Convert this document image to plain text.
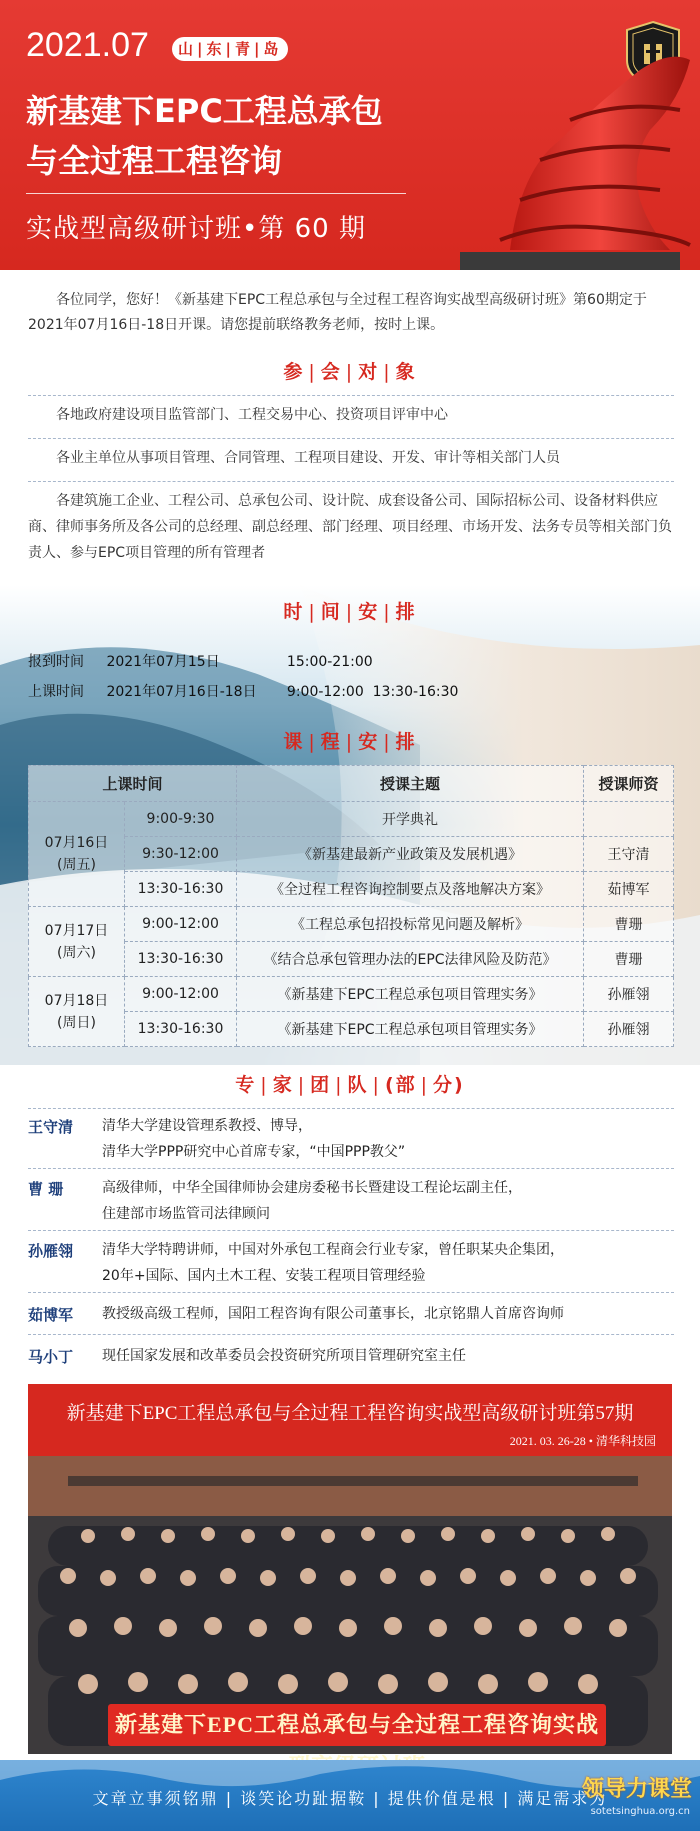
2021.07	山|东|青|岛
新基建下EPC工程总承包
与全过程工程咨询
实战型高级研讨班•第 60 期
各位同学，您好！《新基建下EPC工程总承包与全过程工程咨询实战型高级研讨班》第60期定于2021年07月16日-18日开课。请您提前联络教务老师，按时上课。
参 | 会 | 对 | 象
各地政府建设项目监管部门、工程交易中心、投资项目评审中心
各业主单位从事项目管理、合同管理、工程项目建设、开发、审计等相关部门人员
各建筑施工企业、工程公司、总承包公司、设计院、成套设备公司、国际招标公司、设备材料供应商、律师事务所及各公司的总经理、副总经理、部门经理、项目经理、市场开发、法务专员等相关部门负责人、参与EPC项目管理的所有管理者
时 | 间 | 安 | 排
报到时间 2021年07月15日	15:00-21:00
上课时间 2021年07月16日-18日 9:00-12:00  13:30-16:30
课 | 程 | 安 | 排
上课时间		授课主题	授课师资
07月16日
(周五)	9:00-9:30	开学典礼	
	9:30-12:00	《新基建最新产业政策及发展机遇》	王守清
	13:30-16:30	《全过程工程咨询控制要点及落地解决方案》	茹博军
07月17日
(周六)	9:00-12:00	《工程总承包招投标常见问题及解析》	曹珊
	13:30-16:30	《结合总承包管理办法的EPC法律风险及防范》	曹珊
07月18日
(周日)	9:00-12:00	《新基建下EPC工程总承包项目管理实务》	孙雁翎
	13:30-16:30	《新基建下EPC工程总承包项目管理实务》	孙雁翎
专 | 家 | 团 | 队 | (部 | 分)
王守清 清华大学建设管理系教授、博导，
清华大学PPP研究中心首席专家，“中国PPP教父”
曹 珊	高级律师，中华全国律师协会建房委秘书长暨建设工程论坛副主任，
住建部市场监管司法律顾问
孙雁翎 清华大学特聘讲师，中国对外承包工程商会行业专家，曾任职某央企集团，
20年+国际、国内土木工程、安装工程项目管理经验
茹博军 教授级高级工程师，国阳工程咨询有限公司董事长，北京铭鼎人首席咨询师
马小丁 现任国家发展和改革委员会投资研究所项目管理研究室主任
新基建下EPC工程总承包与全过程工程咨询实战型高级研讨班第57期
2021. 03. 26-28 • 清华科技园
新基建下EPC工程总承包与全过程工程咨询实战
文章立事须铭鼎 | 谈笑论功趾据鞍 | 提供价值是根 | 满足需求为
领导力课堂
sotetsinghua.org.cn
